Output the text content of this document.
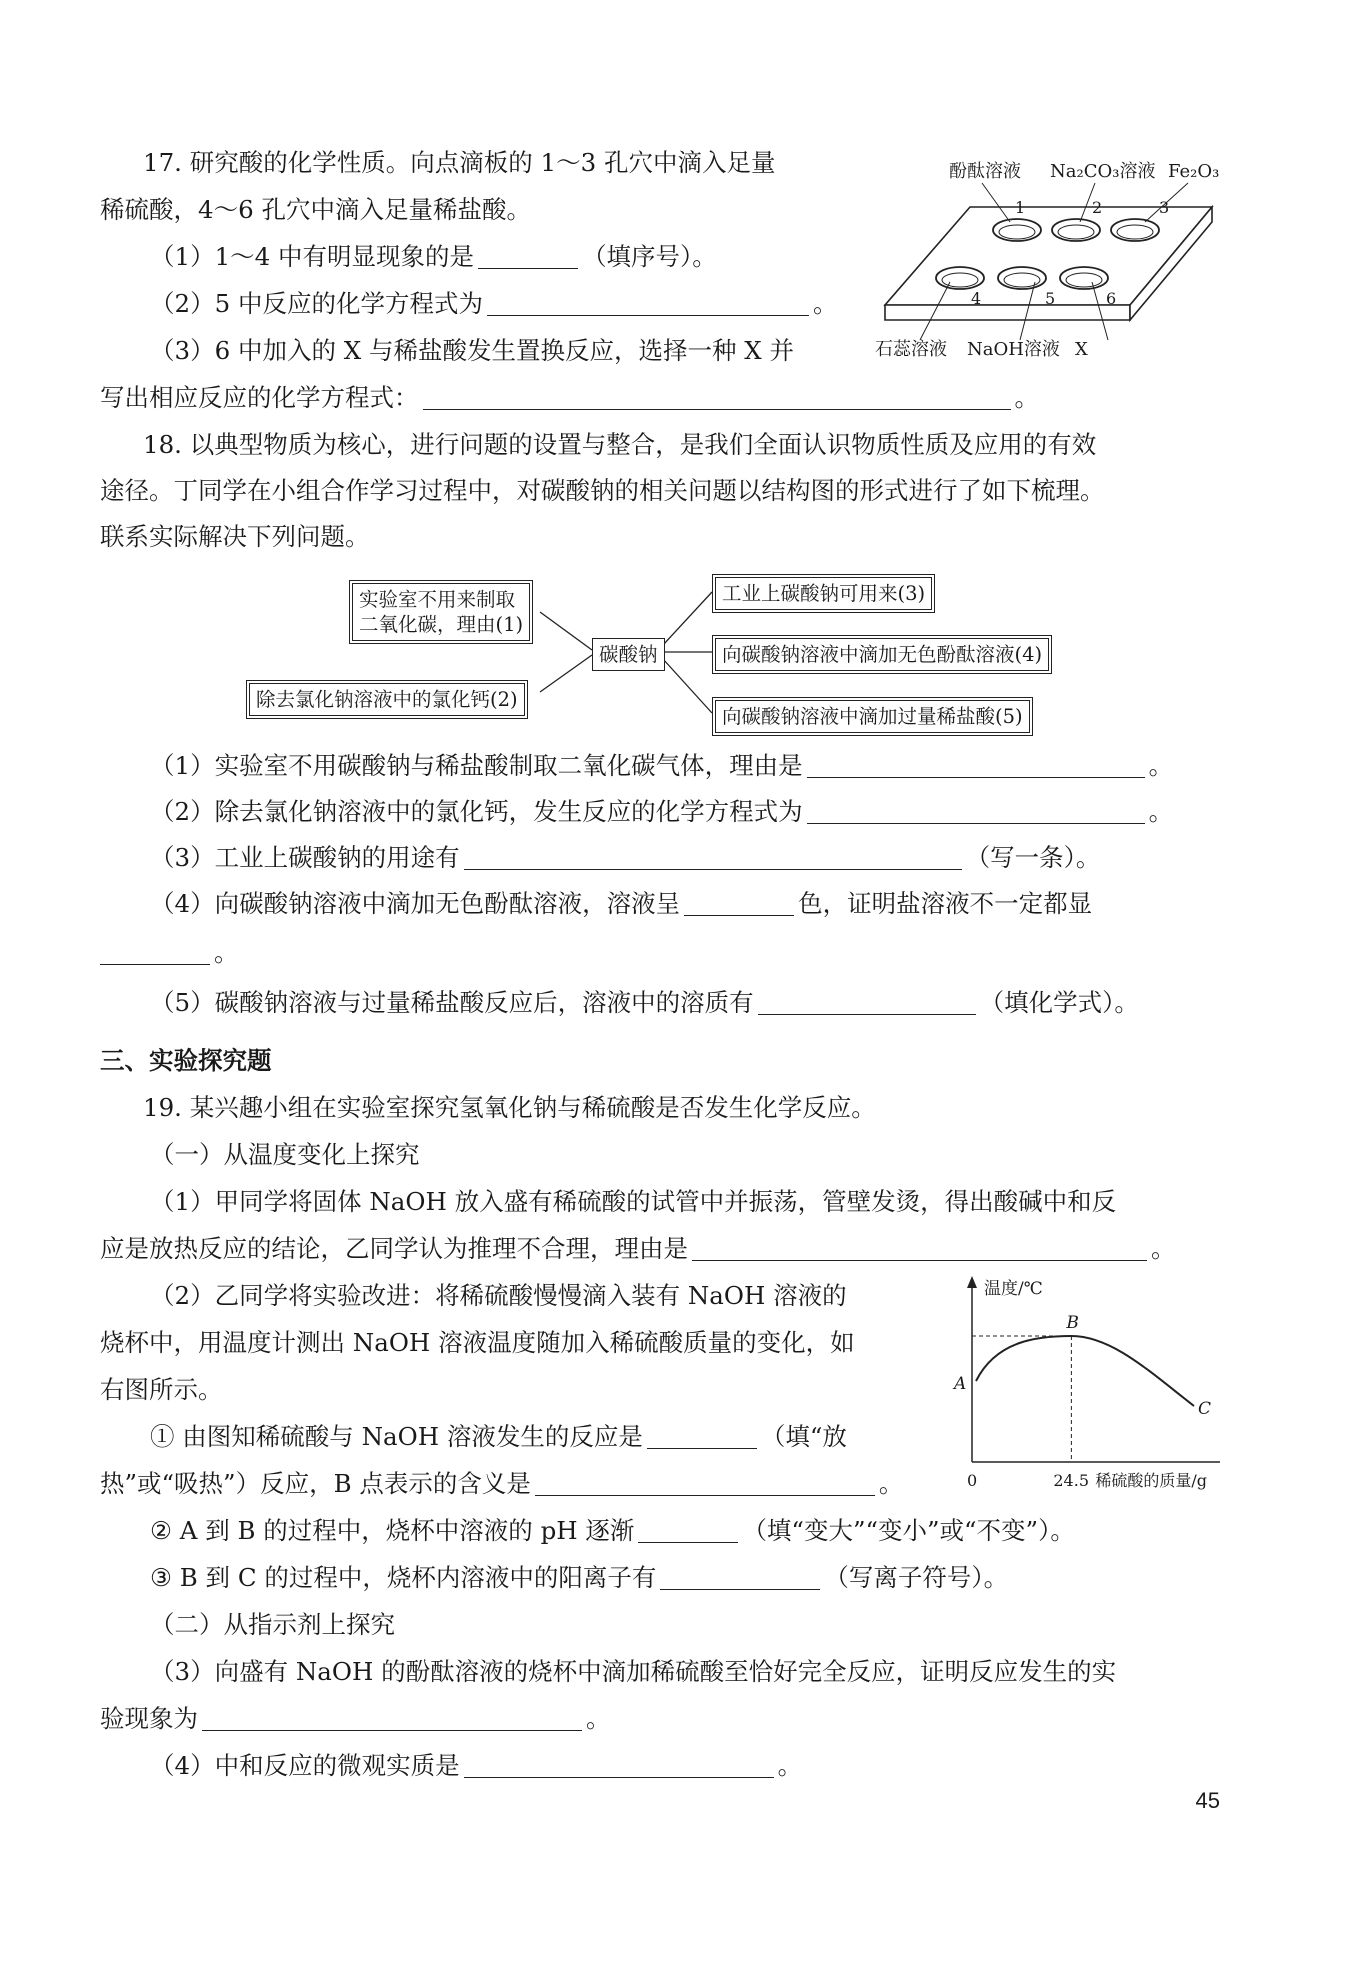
17. 研究酸的化学性质。向点滴板的 1～3 孔穴中滴入足量
稀硫酸，4～6 孔穴中滴入足量稀盐酸。
（1）1～4 中有明显现象的是	（填序号）。
（2）5 中反应的化学方程式为	。
（3）6 中加入的 X 与稀盐酸发生置换反应，选择一种 X 并
写出相应反应的化学方程式：	。
酚酞溶液 Na₂CO₃溶液 Fe₂O₃
1	2	3
4	5	6
石蕊溶液 NaOH溶液 X
18. 以典型物质为核心，进行问题的设置与整合，是我们全面认识物质性质及应用的有效
途径。丁同学在小组合作学习过程中，对碳酸钠的相关问题以结构图的形式进行了如下梳理。
联系实际解决下列问题。
实验室不用来制取
二氧化碳，理由(1)
除去氯化钠溶液中的氯化钙(2)
碳酸钠
工业上碳酸钠可用来(3)
向碳酸钠溶液中滴加无色酚酞溶液(4)
向碳酸钠溶液中滴加过量稀盐酸(5)
（1）实验室不用碳酸钠与稀盐酸制取二氧化碳气体，理由是	。
（2）除去氯化钠溶液中的氯化钙，发生反应的化学方程式为	。
（3）工业上碳酸钠的用途有	（写一条）。
（4）向碳酸钠溶液中滴加无色酚酞溶液，溶液呈	色，证明盐溶液不一定都显
。
（5）碳酸钠溶液与过量稀盐酸反应后，溶液中的溶质有	（填化学式）。
三、实验探究题
19. 某兴趣小组在实验室探究氢氧化钠与稀硫酸是否发生化学反应。
（一）从温度变化上探究
（1）甲同学将固体 NaOH 放入盛有稀硫酸的试管中并振荡，管壁发烫，得出酸碱中和反
应是放热反应的结论，乙同学认为推理不合理，理由是	。
（2）乙同学将实验改进：将稀硫酸慢慢滴入装有 NaOH 溶液的
烧杯中，用温度计测出 NaOH 溶液温度随加入稀硫酸质量的变化，如
右图所示。
① 由图知稀硫酸与 NaOH 溶液发生的反应是	（填“放
热”或“吸热”）反应，B 点表示的含义是	。
② A 到 B 的过程中，烧杯中溶液的 pH 逐渐	（填“变大”“变小”或“不变”）。
③ B 到 C 的过程中，烧杯内溶液中的阳离子有	（写离子符号）。
（二）从指示剂上探究
（3）向盛有 NaOH 的酚酞溶液的烧杯中滴加稀硫酸至恰好完全反应，证明反应发生的实
验现象为	。
（4）中和反应的微观实质是	。
温度/℃
0
A
B
C
24.5 稀硫酸的质量/g
45
